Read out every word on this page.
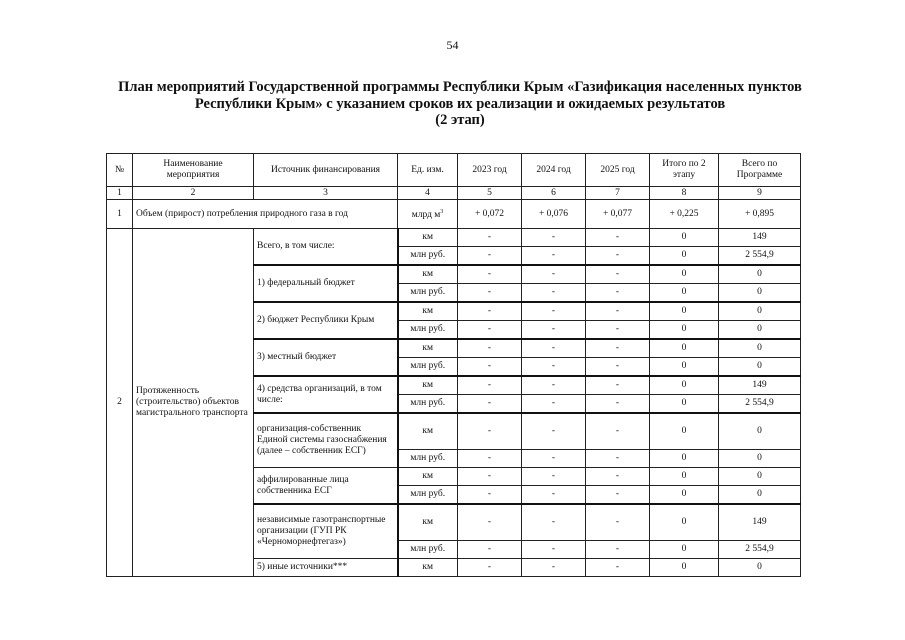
54
План мероприятий Государственной программы Республики Крым «Газификация населенных пунктов
Республики Крым» с указанием сроков их реализации и ожидаемых результатов
(2 этап)
№	Наименование мероприятия	Источник финансирования	Ед. изм.	2023 год	2024 год	2025 год	Итого по 2 этапу	Всего по Программе
1	2	3	4	5	6	7	8	9
1	Объем (прирост) потребления природного газа в год		млрд $м^3$	+ 0,072	+ 0,076	+ 0,077	+ 0,225	+ 0,895
2	Протяженность (строительство) объектов магистрального транспорта	Всего, в том числе:	км	-	-	-	0	149
			млн руб.	-	-	-	0	2 554,9
		1) федеральный бюджет	км	-	-	-	0	0
			млн руб.	-	-	-	0	0
		2) бюджет Республики Крым	км	-	-	-	0	0
			млн руб.	-	-	-	0	0
		3) местный бюджет	км	-	-	-	0	0
			млн руб.	-	-	-	0	0
		4) средства организаций, в том числе:	км	-	-	-	0	149
			млн руб.	-	-	-	0	2 554,9
		организация-собственник Единой системы газоснабжения (далее – собственник ЕСГ)	км	-	-	-	0	0
			млн руб.	-	-	-	0	0
		аффилированные лица собственника ЕСГ	км	-	-	-	0	0
			млн руб.	-	-	-	0	0
		независимые газотранспортные организации (ГУП РК «Черноморнефтегаз»)	км	-	-	-	0	149
			млн руб.	-	-	-	0	2 554,9
		5) иные источники***	км	-	-	-	0	0
